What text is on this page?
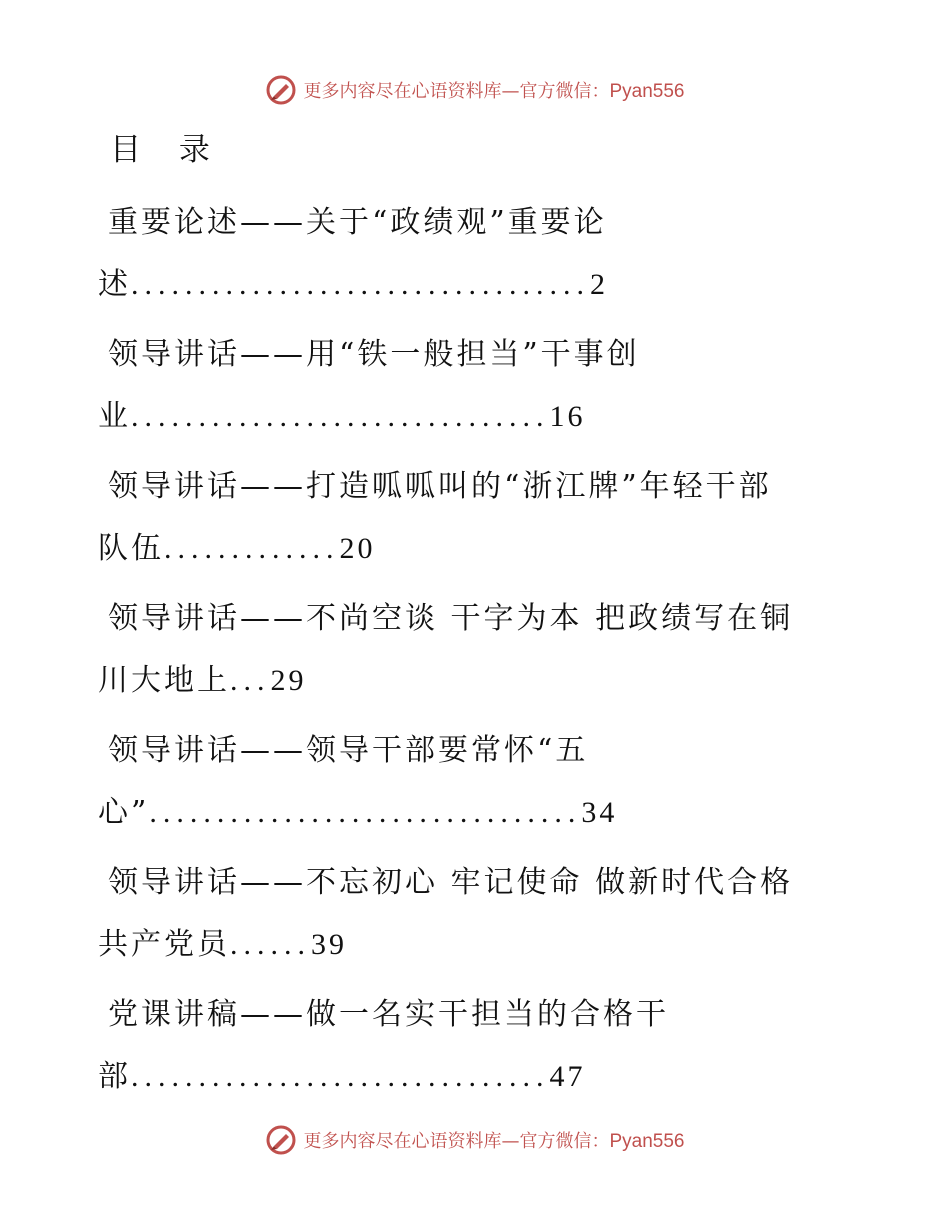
更多内容尽在心语资料库—官方微信：Pyan556
目 录
重要论述——关于“政绩观”重要论
述 .................................. 2
领导讲话——用“铁一般担当”干事创
业 ............................... 16
领导讲话——打造呱呱叫的“浙江牌”年轻干部
队伍 ............. 20
领导讲话——不尚空谈 干字为本 把政绩写在铜
川大地上 ... 29
领导讲话——领导干部要常怀“五
心” ................................ 34
领导讲话——不忘初心 牢记使命 做新时代合格
共产党员 ...... 39
党课讲稿——做一名实干担当的合格干
部 ............................... 47
更多内容尽在心语资料库—官方微信：Pyan556
